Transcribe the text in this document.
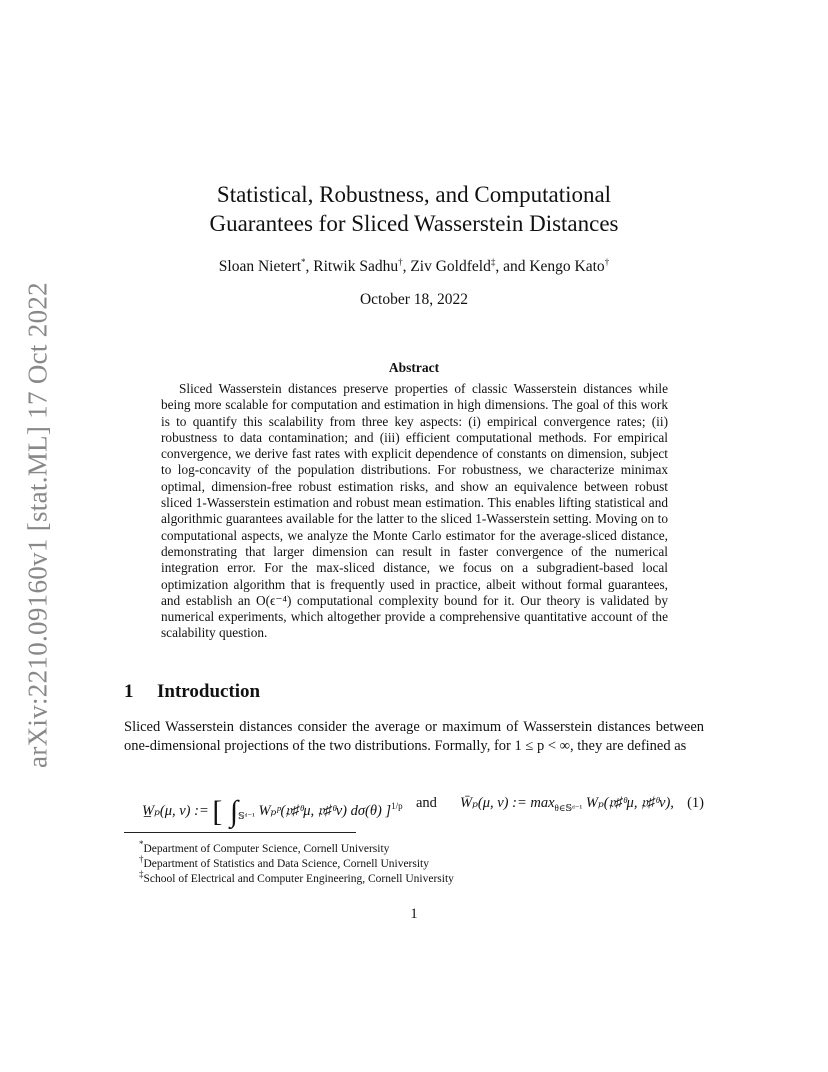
arXiv:2210.09160v1 [stat.ML] 17 Oct 2022
Statistical, Robustness, and Computational
Guarantees for Sliced Wasserstein Distances
Sloan Nietert*, Ritwik Sadhu†, Ziv Goldfeld‡, and Kengo Kato†
October 18, 2022
Abstract

Sliced Wasserstein distances preserve properties of classic Wasserstein distances while being more scalable for computation and estimation in high dimensions. The goal of this work is to quantify this scalability from three key aspects: (i) empirical convergence rates; (ii) robustness to data contamination; and (iii) efficient computational methods. For empirical convergence, we derive fast rates with explicit dependence of constants on dimension, subject to log-concavity of the population distributions. For robustness, we characterize minimax optimal, dimension-free robust estimation risks, and show an equivalence between robust sliced 1-Wasserstein estimation and robust mean estimation. This enables lifting statistical and algorithmic guarantees available for the latter to the sliced 1-Wasserstein setting. Moving on to computational aspects, we analyze the Monte Carlo estimator for the average-sliced distance, demonstrating that larger dimension can result in faster convergence of the numerical integration error. For the max-sliced distance, we focus on a subgradient-based local optimization algorithm that is frequently used in practice, albeit without formal guarantees, and establish an O(ϵ⁻⁴) computational complexity bound for it. Our theory is validated by numerical experiments, which altogether provide a comprehensive quantitative account of the scalability question.

1 Introduction

Sliced Wasserstein distances consider the average or maximum of Wasserstein distances between one-dimensional projections of the two distributions. Formally, for 1 ≤ p < ∞, they are defined as

W̲ₚ(μ, ν) := [ $\int_{𝕊ᵈ^{-1}}$ Wₚᵖ(𝔭♯ᶿμ, 𝔭♯ᶿν) dσ(θ) ]$^{1/p}$ and W̄ₚ(μ, ν) := $\max_{\theta\in 𝕊ᵈ^{-1}}$ Wₚ(𝔭♯ᶿμ, 𝔭♯ᶿν), (1)
*Department of Computer Science, Cornell University
†Department of Statistics and Data Science, Cornell University
‡School of Electrical and Computer Engineering, Cornell University
1
